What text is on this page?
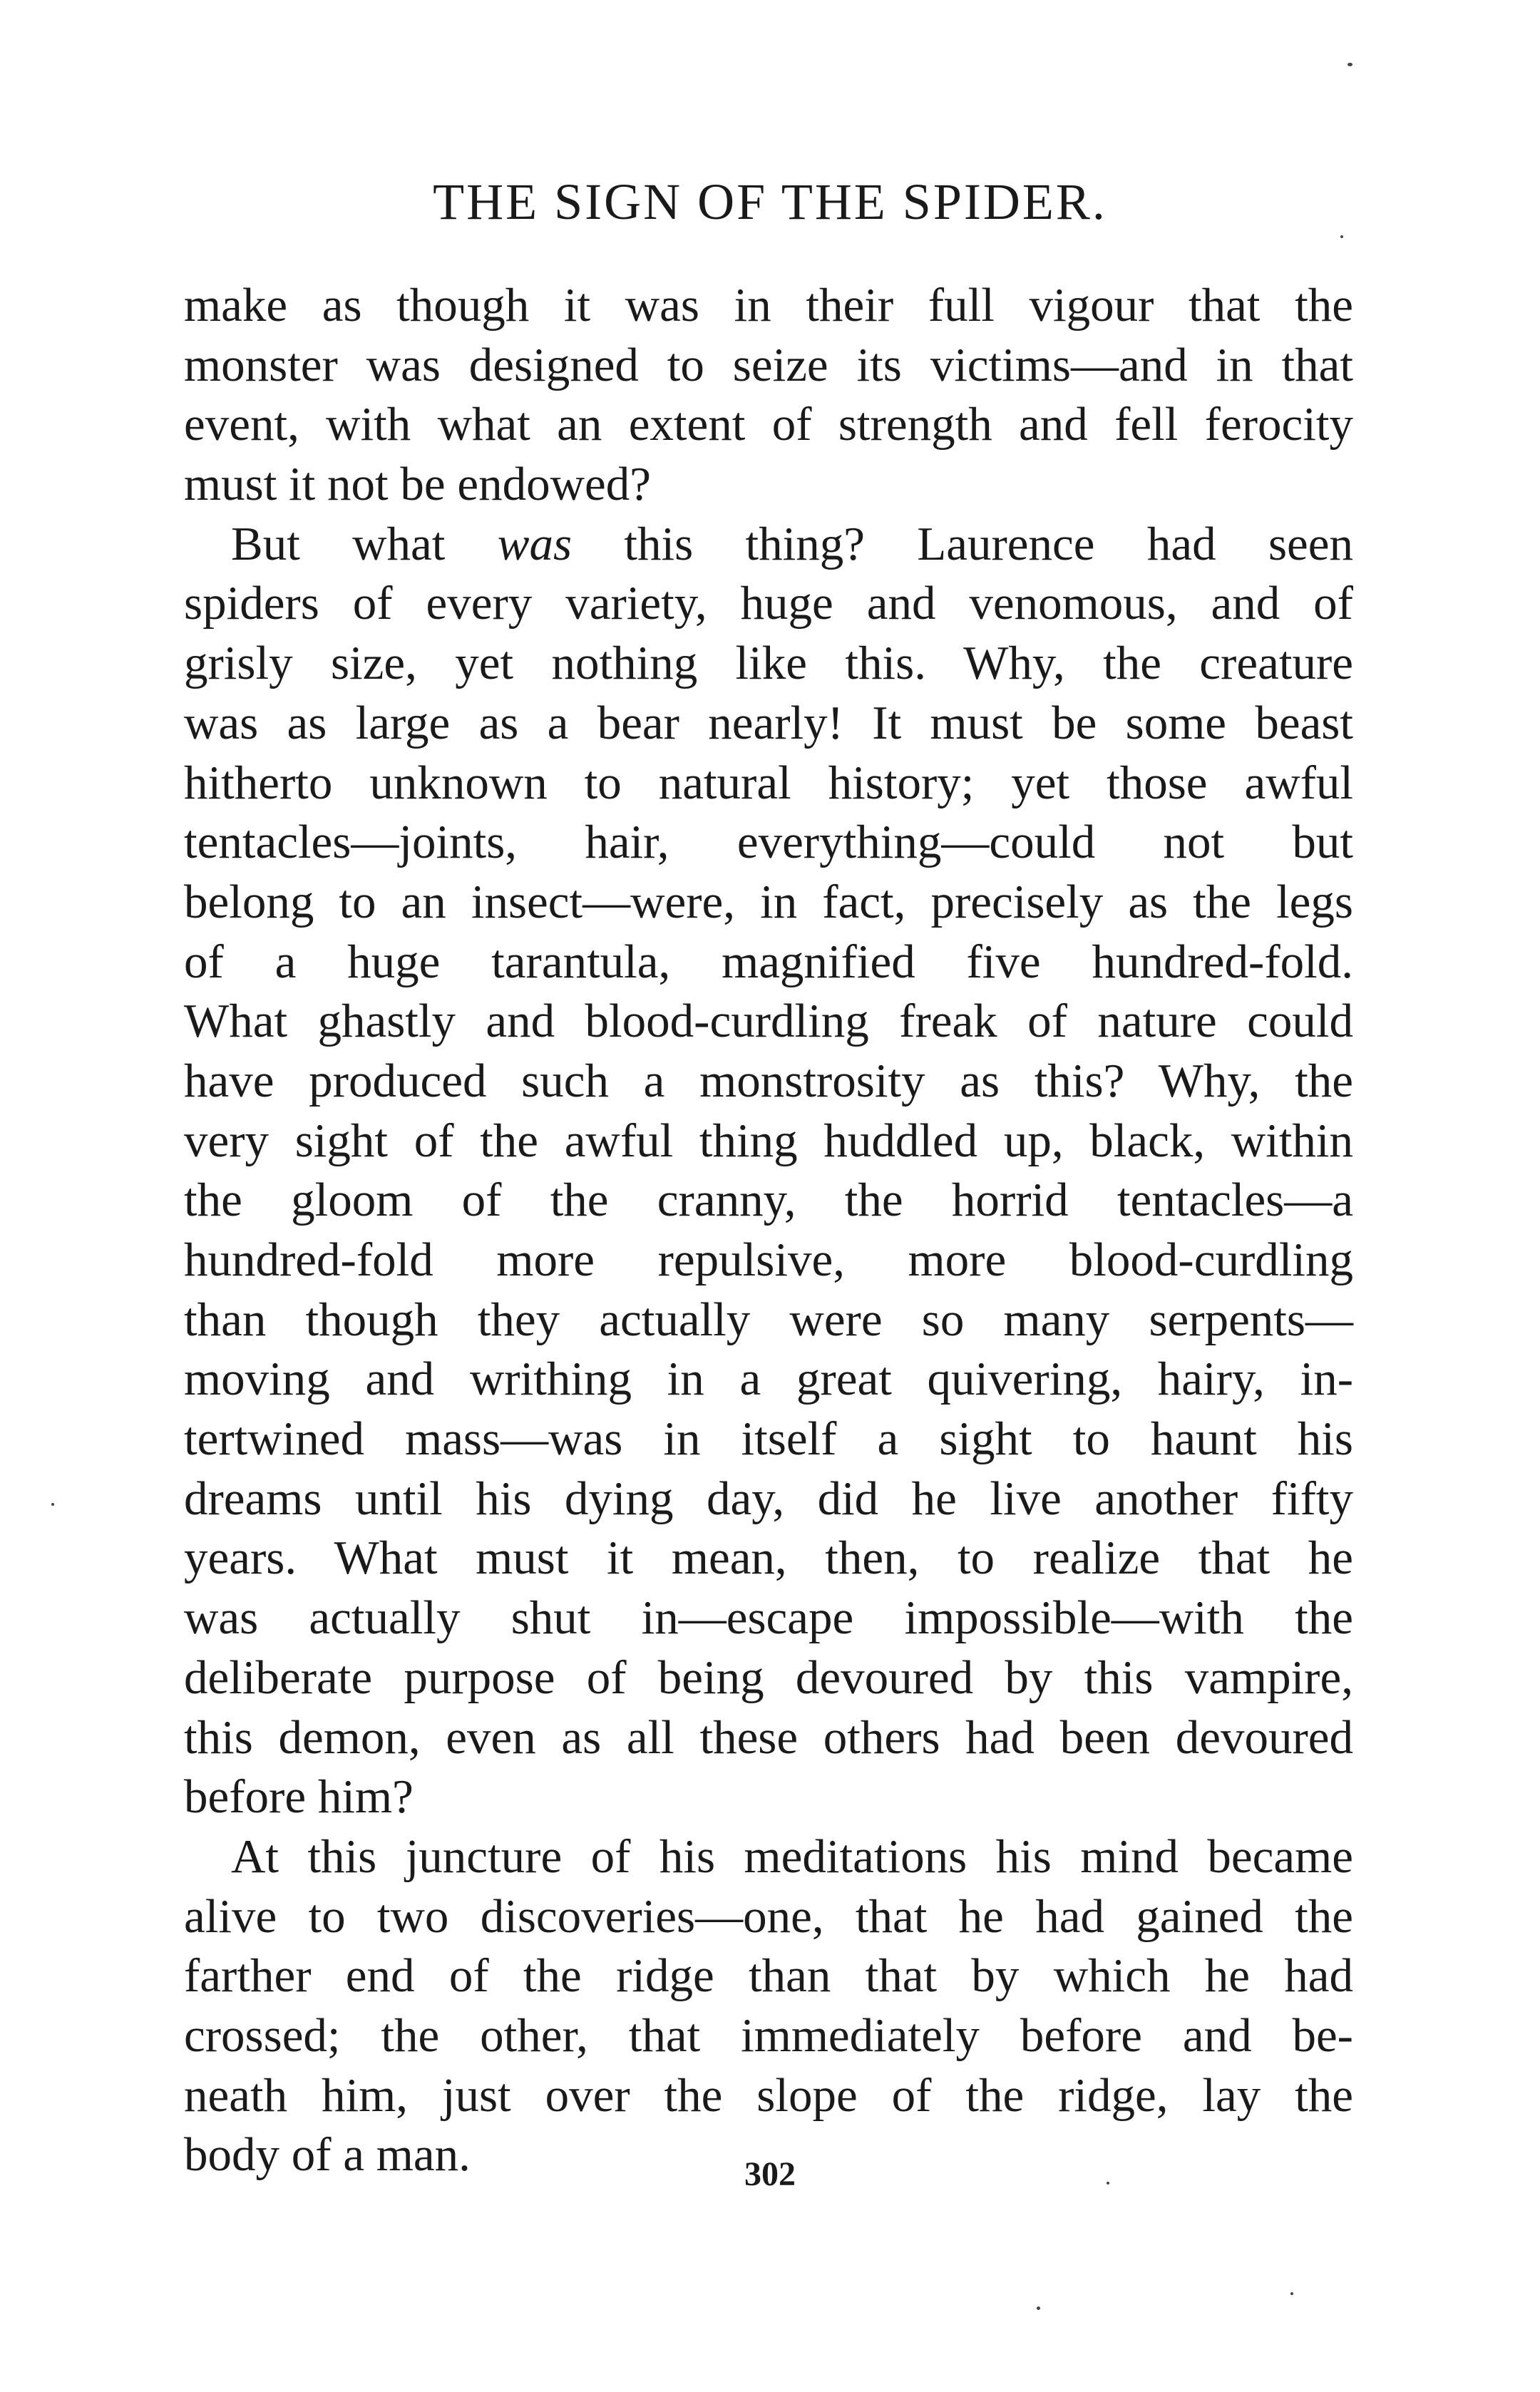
THE SIGN OF THE SPIDER.
make as though it was in their full vigour that the
monster was designed to seize its victims—and in that
event, with what an extent of strength and fell ferocity
must it not be endowed?
But what was this thing? Laurence had seen
spiders of every variety, huge and venomous, and of
grisly size, yet nothing like this. Why, the creature
was as large as a bear nearly! It must be some beast
hitherto unknown to natural history; yet those awful
tentacles—joints, hair, everything—could not but
belong to an insect—were, in fact, precisely as the legs
of a huge tarantula, magnified five hundred-fold.
What ghastly and blood-curdling freak of nature could
have produced such a monstrosity as this? Why, the
very sight of the awful thing huddled up, black, within
the gloom of the cranny, the horrid tentacles—a
hundred-fold more repulsive, more blood-curdling
than though they actually were so many serpents—
moving and writhing in a great quivering, hairy, in-
tertwined mass—was in itself a sight to haunt his
dreams until his dying day, did he live another fifty
years. What must it mean, then, to realize that he
was actually shut in—escape impossible—with the
deliberate purpose of being devoured by this vampire,
this demon, even as all these others had been devoured
before him?
At this juncture of his meditations his mind became
alive to two discoveries—one, that he had gained the
farther end of the ridge than that by which he had
crossed; the other, that immediately before and be-
neath him, just over the slope of the ridge, lay the
body of a man.	302
